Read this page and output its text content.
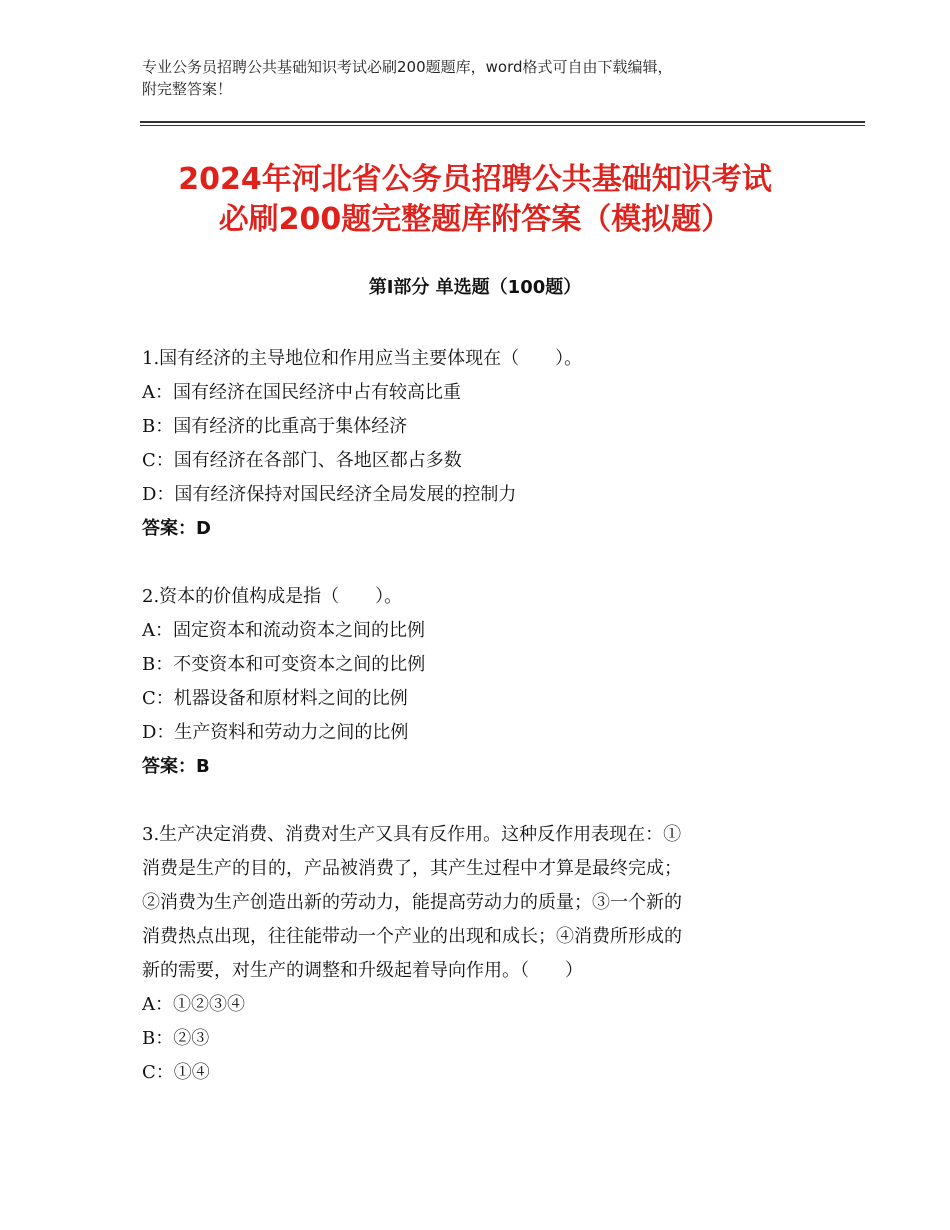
专业公务员招聘公共基础知识考试必刷200题题库，word格式可自由下载编辑，
附完整答案！
2024年河北省公务员招聘公共基础知识考试
必刷200题完整题库附答案（模拟题）
第Ⅰ部分 单选题（100题）
1.国有经济的主导地位和作用应当主要体现在（　　）。
A：国有经济在国民经济中占有较高比重
B：国有经济的比重高于集体经济
C：国有经济在各部门、各地区都占多数
D：国有经济保持对国民经济全局发展的控制力
答案：D
2.资本的价值构成是指（　　）。
A：固定资本和流动资本之间的比例
B：不变资本和可变资本之间的比例
C：机器设备和原材料之间的比例
D：生产资料和劳动力之间的比例
答案：B
3.生产决定消费、消费对生产又具有反作用。这种反作用表现在：①
消费是生产的目的，产品被消费了，其产生过程中才算是最终完成；
②消费为生产创造出新的劳动力，能提高劳动力的质量；③一个新的
消费热点出现，往往能带动一个产业的出现和成长；④消费所形成的
新的需要，对生产的调整和升级起着导向作用。（　　）
A：①②③④
B：②③
C：①④
